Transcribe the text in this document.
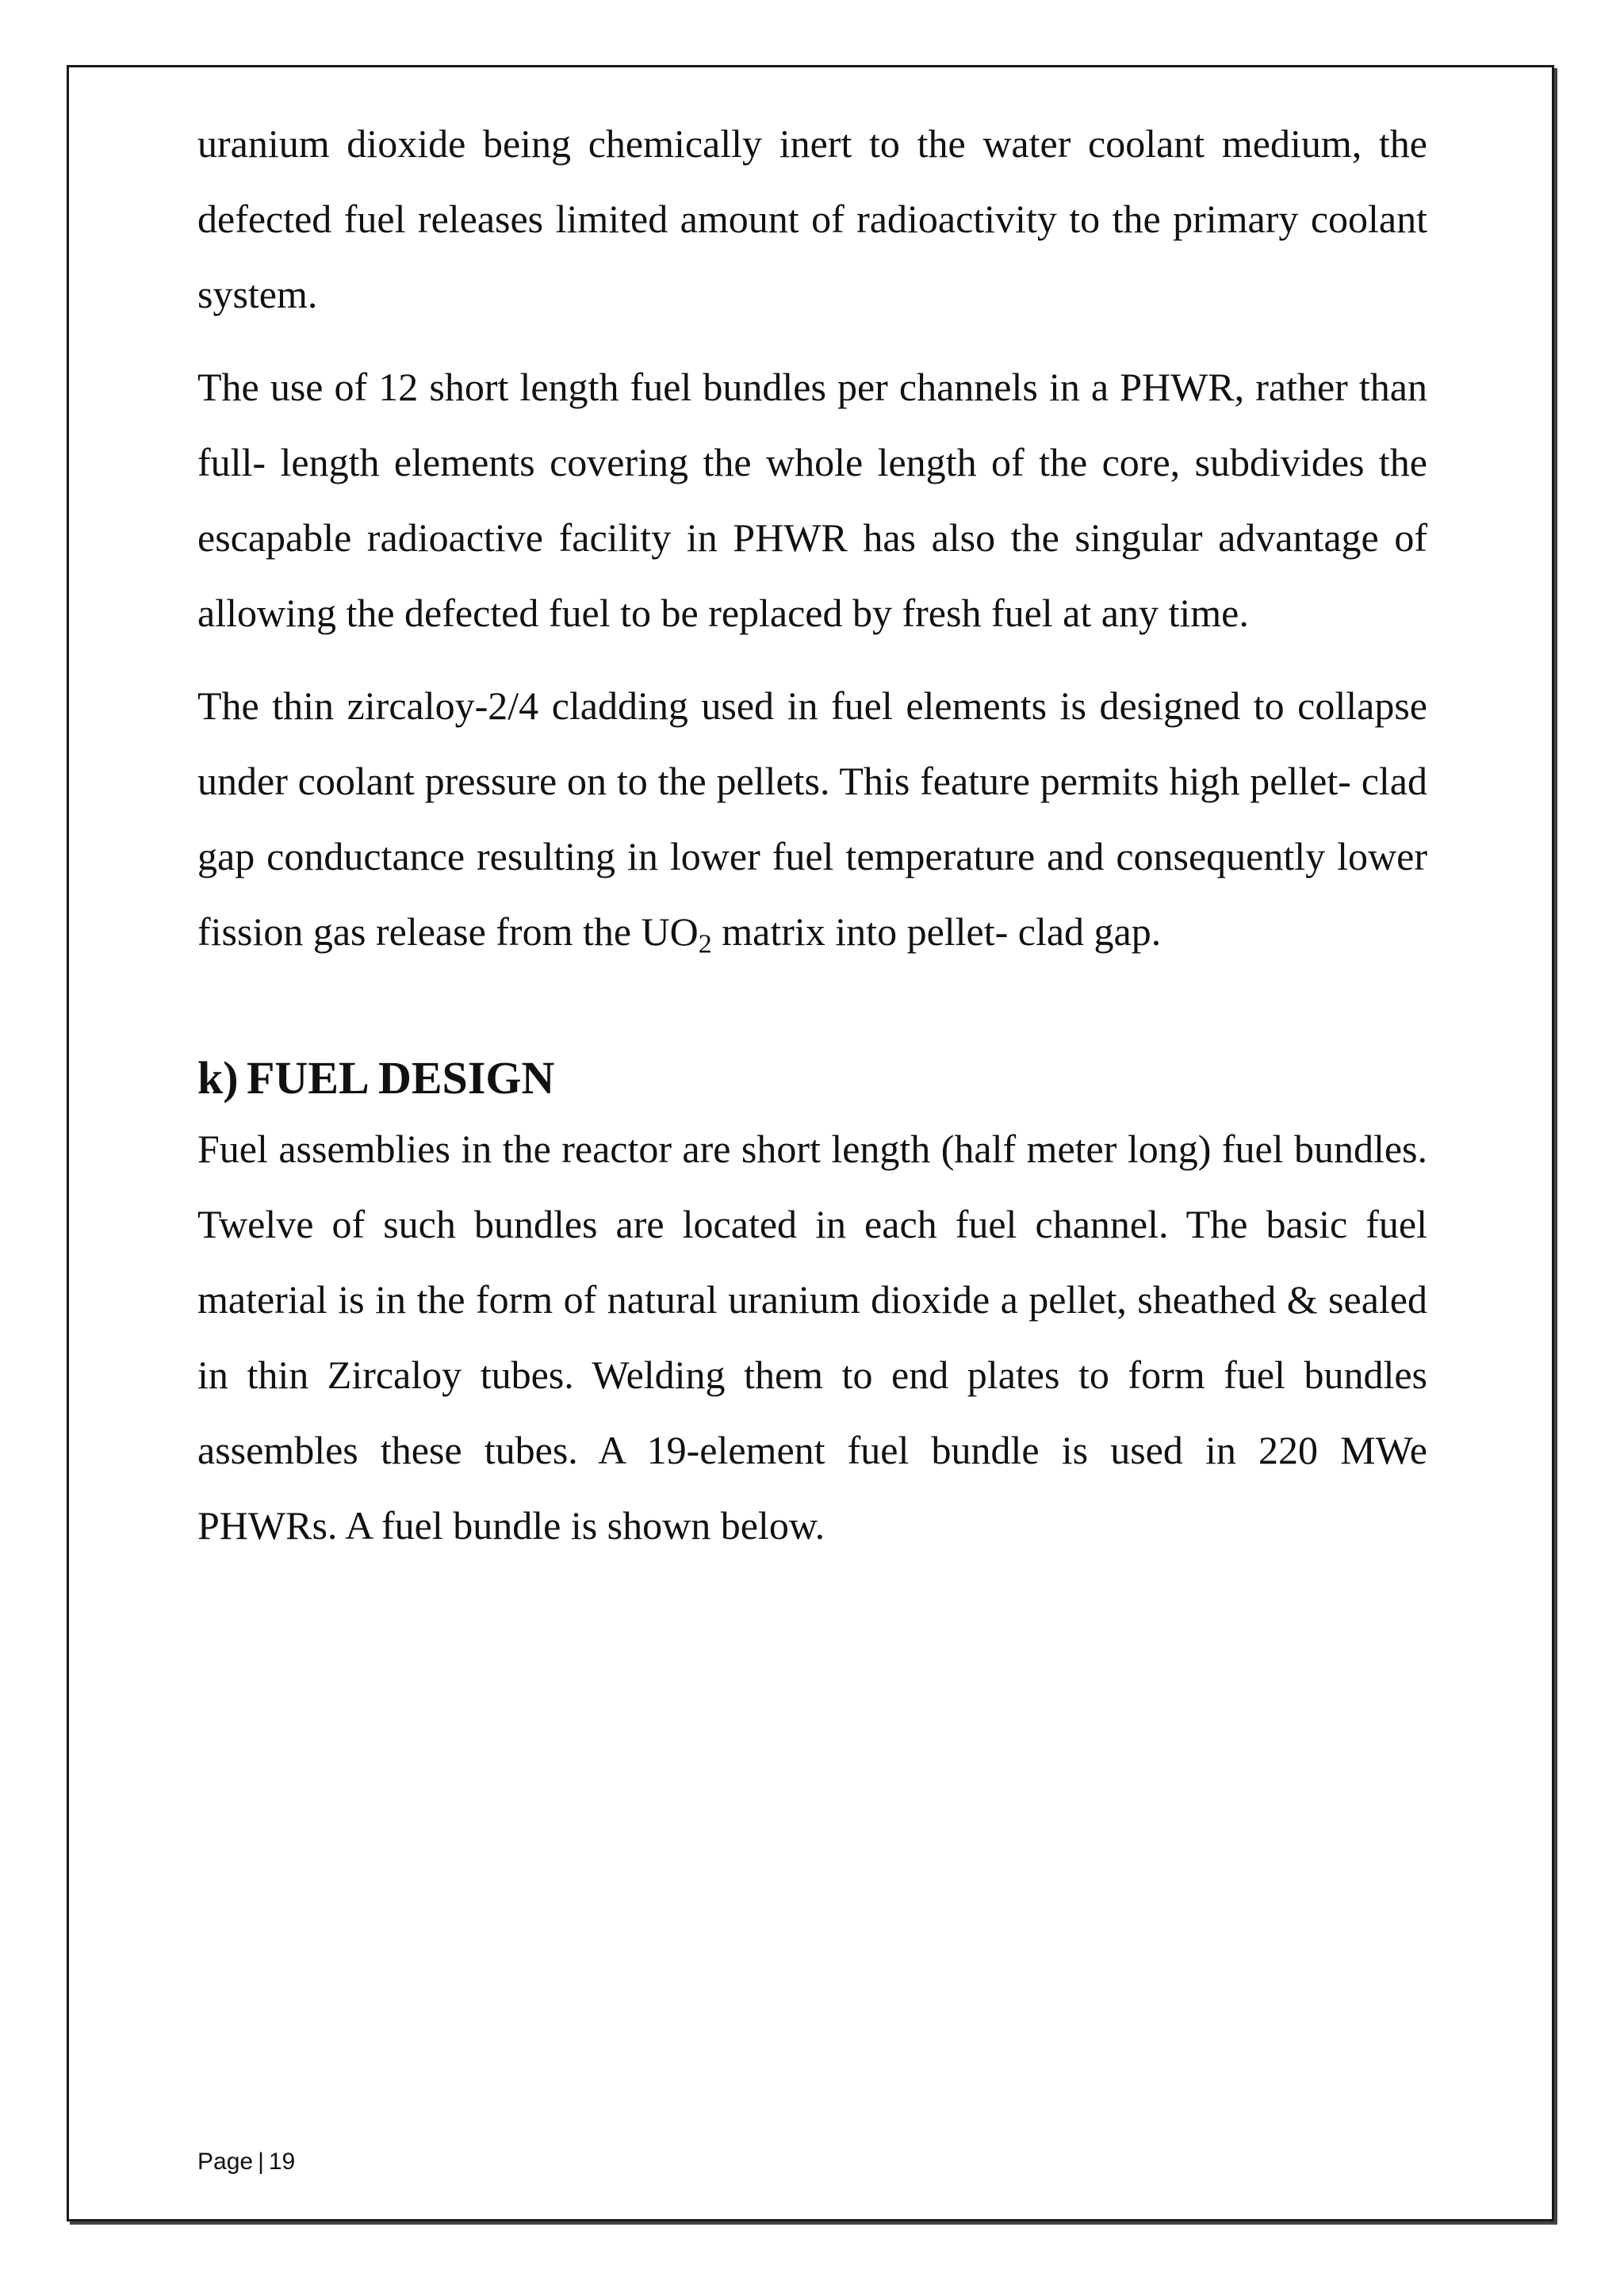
uranium dioxide being chemically inert to the water coolant medium, the defected fuel releases limited amount of radioactivity to the primary coolant system.

The use of 12 short length fuel bundles per channels in a PHWR, rather than full- length elements covering the whole length of the core, subdivides the escapable radioactive facility in PHWR has also the singular advantage of allowing the defected fuel to be replaced by fresh fuel at any time.

The thin zircaloy-2/4 cladding used in fuel elements is designed to collapse under coolant pressure on to the pellets. This feature permits high pellet- clad gap conductance resulting in lower fuel temperature and consequently lower fission gas release from the $UO_2$ matrix into pellet- clad gap.

k) FUEL DESIGN

Fuel assemblies in the reactor are short length (half meter long) fuel bundles. Twelve of such bundles are located in each fuel channel. The basic fuel material is in the form of natural uranium dioxide a pellet, sheathed & sealed in thin Zircaloy tubes. Welding them to end plates to form fuel bundles assembles these tubes. A 19-element fuel bundle is used in 220 MWe PHWRs. A fuel bundle is shown below.

Page | 19
